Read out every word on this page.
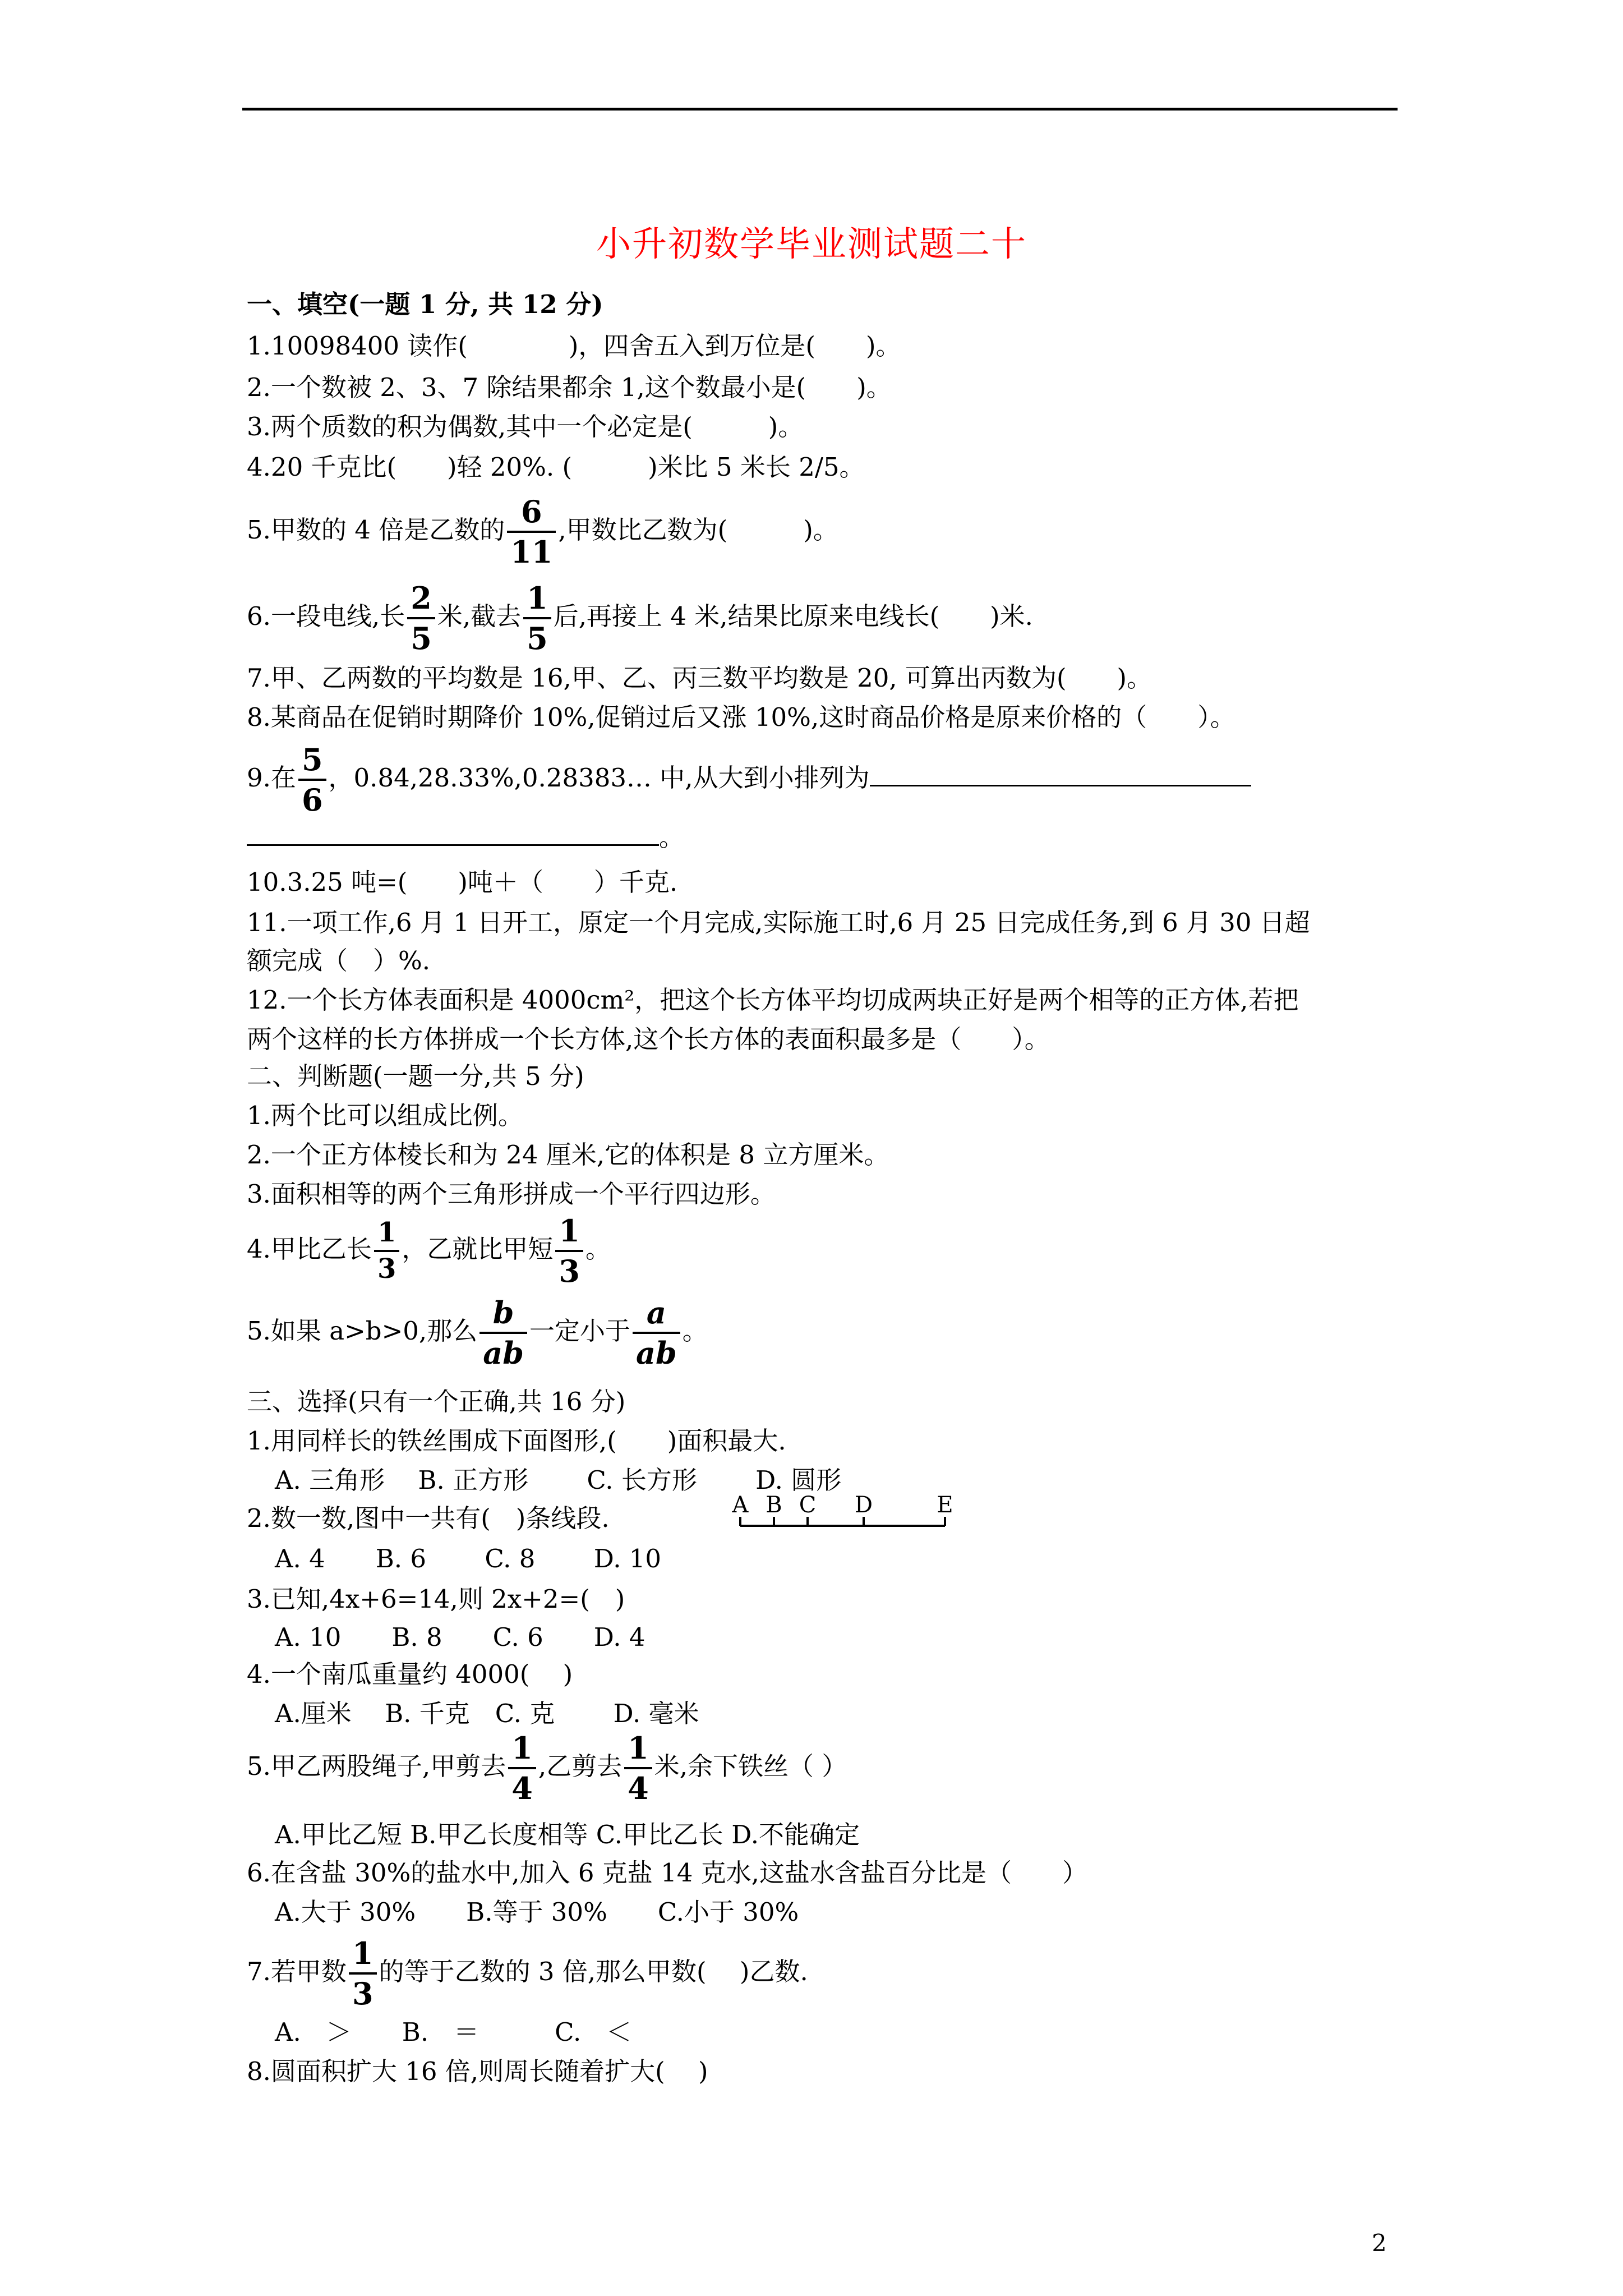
小升初数学毕业测试题二十
一、填空(一题 1 分, 共 12 分)
1.10098400 读作(　　　　)，四舍五入到万位是(　　)。
2.一个数被 2、3、7 除结果都余 1,这个数最小是(　　)。
3.两个质数的积为偶数,其中一个必定是(　　　)。
4.20 千克比(　　)轻 20%. (　　　)米比 5 米长 2/5。
5.甲数的 4 倍是乙数的 $\frac{6}{11}$ ,甲数比乙数为(　　　)。
6.一段电线,长 $\frac{2}{5}$ 米,截去 $\frac{1}{5}$ 后,再接上 4 米,结果比原来电线长(　　)米.
7.甲、乙两数的平均数是 16,甲、乙、丙三数平均数是 20, 可算出丙数为(　　)。
8.某商品在促销时期降价 10%,促销过后又涨 10%,这时商品价格是原来价格的（　　）。
9.在 $\frac{5}{6}$ ，0.84,28.33%,0.28383… 中,从大到小排列为
。
10.3.25 吨=(　　)吨＋（　　）千克.
11.一项工作,6 月 1 日开工，原定一个月完成,实际施工时,6 月 25 日完成任务,到 6 月 30 日超
额完成（　）%.
12.一个长方体表面积是 4000cm²，把这个长方体平均切成两块正好是两个相等的正方体,若把
两个这样的长方体拼成一个长方体,这个长方体的表面积最多是（　　）。
二、判断题(一题一分,共 5 分)
1.两个比可以组成比例。
2.一个正方体棱长和为 24 厘米,它的体积是 8 立方厘米。
3.面积相等的两个三角形拼成一个平行四边形。
4.甲比乙长 $\frac{1}{3}$ ，乙就比甲短 $\frac{1}{3}$ 。
5.如果 a>b>0,那么 $\frac{b}{ab}$ 一定小于 $\frac{a}{ab}$ 。
三、选择(只有一个正确,共 16 分)
1.用同样长的铁丝围成下面图形,(　　)面积最大.
A. 三角形　 B. 正方形　　 C. 长方形　　 D. 圆形
2.数一数,图中一共有(　)条线段.	A B C D	E
A. 4　　B. 6　　 C. 8　　 D. 10
3.已知,4x+6=14,则 2x+2=(　)
A. 10　　B. 8　　C. 6　　D. 4
4.一个南瓜重量约 4000(　 )
A.厘米　 B. 千克　C. 克　　 D. 毫米
5.甲乙两股绳子,甲剪去 $\frac{1}{4}$ ,乙剪去 $\frac{1}{4}$ 米,余下铁丝（ ）
A.甲比乙短 B.甲乙长度相等 C.甲比乙长 D.不能确定
6.在含盐 30%的盐水中,加入 6 克盐 14 克水,这盐水含盐百分比是（　　）
A.大于 30%　　B.等于 30%　　C.小于 30%
7.若甲数 $\frac{1}{3}$ 的等于乙数的 3 倍,那么甲数(　 )乙数.
A.　＞　　B.　＝　　　C.　＜
8.圆面积扩大 16 倍,则周长随着扩大(　 )
2
